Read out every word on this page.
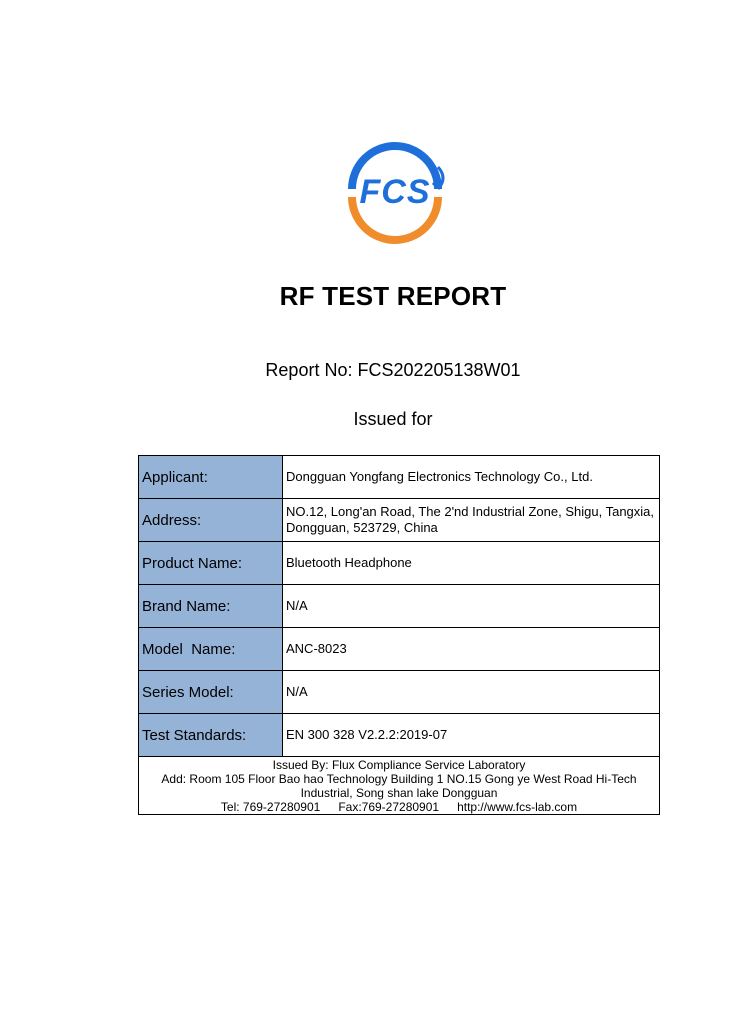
FCS
RF TEST REPORT
Report No: FCS202205138W01
Issued for
Applicant:	Dongguan Yongfang Electronics Technology Co., Ltd.
Address:	NO.12, Long'an Road, The 2'nd Industrial Zone, Shigu, Tangxia, Dongguan, 523729, China
Product Name:	Bluetooth Headphone
Brand Name:	N/A
Model  Name:	ANC-8023
Series Model:	N/A
Test Standards:	EN 300 328 V2.2.2:2019-07

Issued By: Flux Compliance Service Laboratory
Add: Room 105 Floor Bao hao Technology Building 1 NO.15 Gong ye West Road Hi-Tech
Industrial, Song shan lake Dongguan
Tel: 769-27280901 Fax:769-27280901 http://www.fcs-lab.com	
